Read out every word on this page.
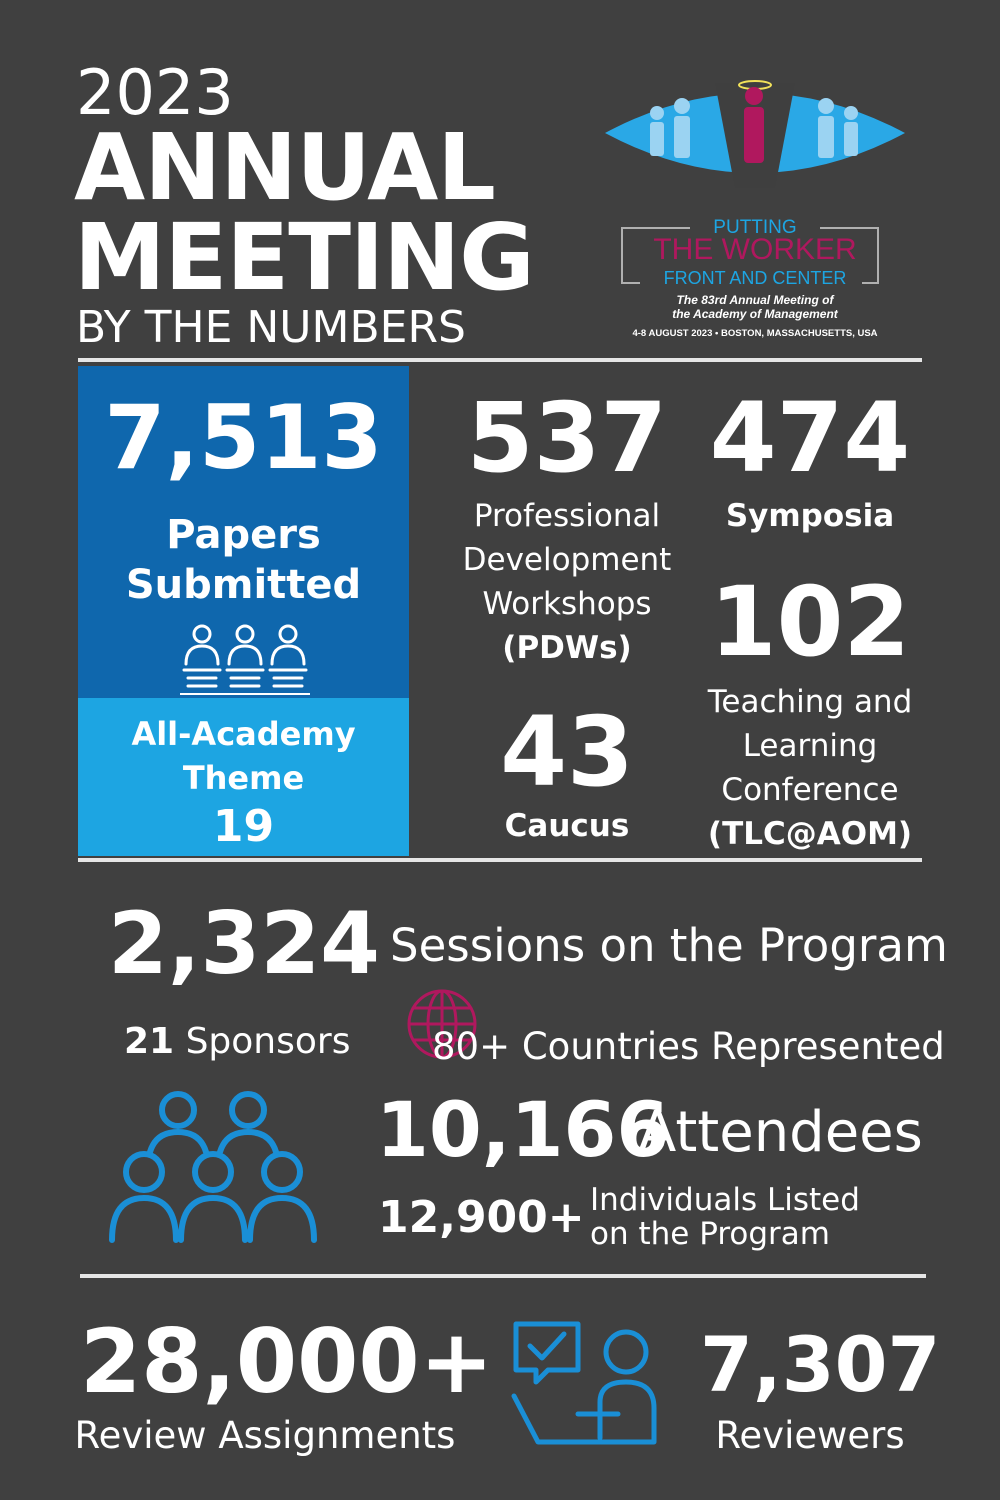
2023
ANNUAL
MEETING
BY THE NUMBERS
PUTTING
THE WORKER
FRONT AND CENTER
The 83rd Annual Meeting of
the Academy of Management
4-8 AUGUST 2023 • BOSTON, MASSACHUSETTS, USA
7,513
Papers
Submitted
All-Academy
Theme
19
537
Professional
Development
Workshops
(PDWs)
474
Symposia
102
Teaching and
Learning
Conference
(TLC@AOM)
43
Caucus
2,324 Sessions on the Program
21 Sponsors 80+ Countries Represented
10,166
Attendees
12,900+ Individuals Listed
on the Program
28,000+
Review Assignments
7,307
Reviewers
